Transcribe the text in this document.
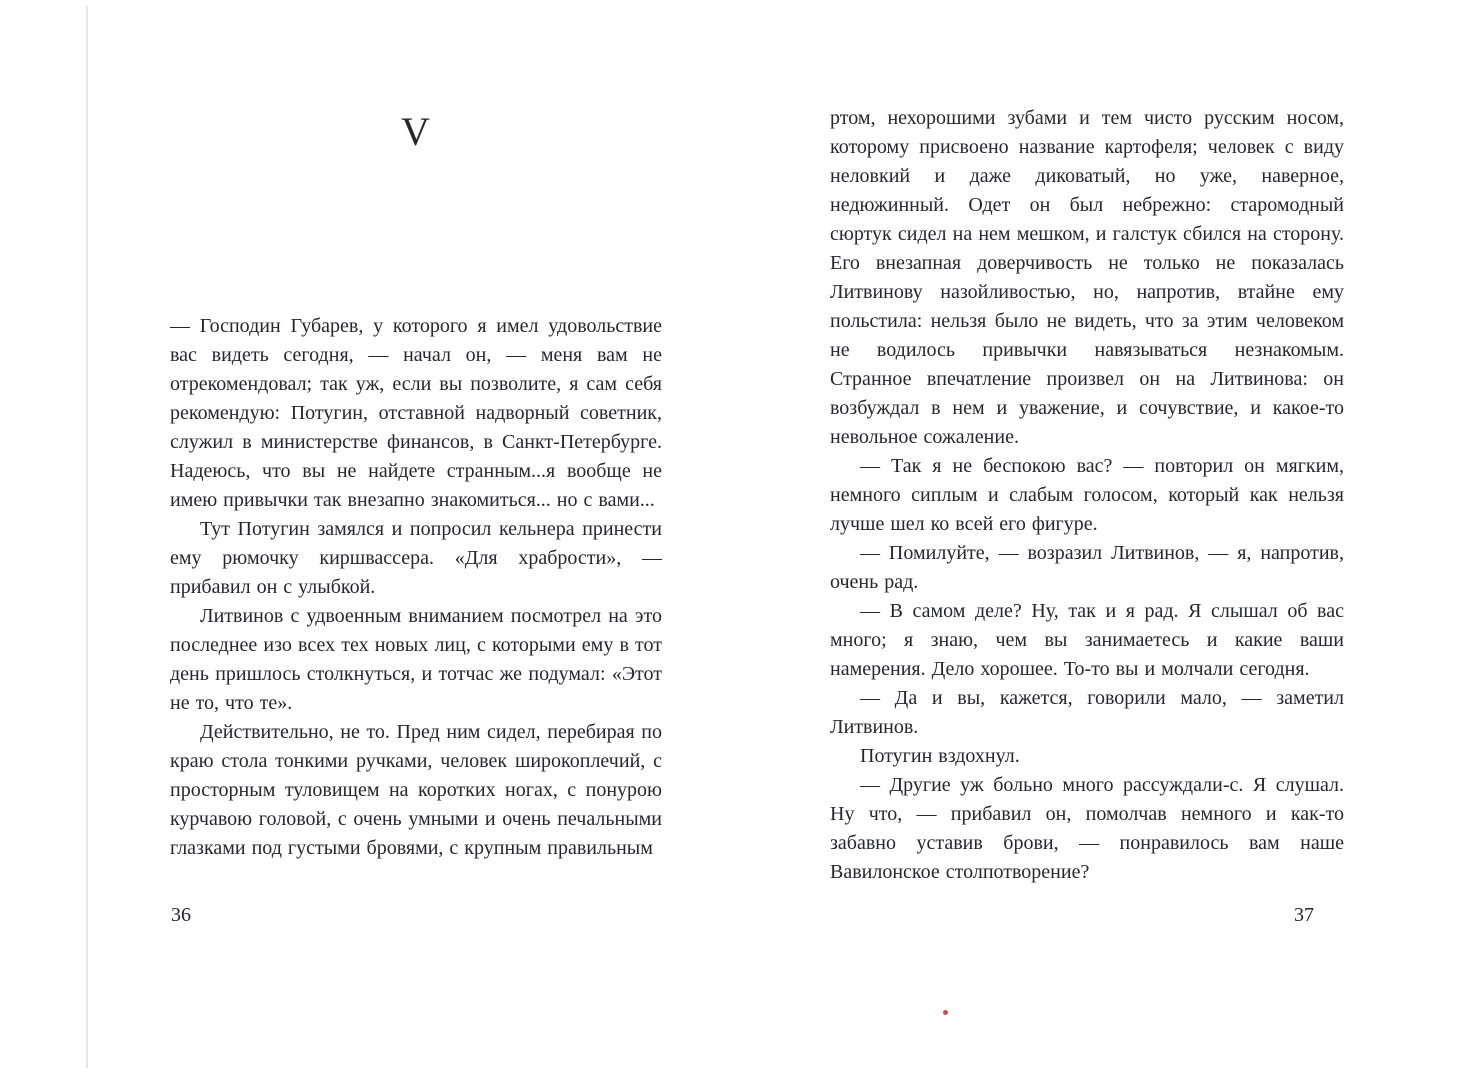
V

— Господин Губарев, у которого я имел удовольствие вас видеть сегодня, — начал он, — меня вам не отрекомендовал; так уж, если вы позволите, я сам себя рекомендую: Потугин, отставной надворный советник, служил в министерстве финансов, в Санкт-Петербурге. Надеюсь, что вы не найдете странным...я вообще не имею привычки так внезапно знакомиться... но с вами...

Тут Потугин замялся и попросил кельнера принести ему рюмочку киршвассера. «Для храбрости», — прибавил он с улыбкой.

Литвинов с удвоенным вниманием посмотрел на это последнее изо всех тех новых лиц, с которыми ему в тот день пришлось столкнуться, и тотчас же подумал: «Этот не то, что те».

Действительно, не то. Пред ним сидел, перебирая по краю стола тонкими ручками, человек широкоплечий, с просторным туловищем на коротких ногах, с понурою курчавою головой, с очень умными и очень печальными глазками под густыми бровями, с крупным правильным

ртом, нехорошими зубами и тем чисто русским носом, которому присвоено название картофеля; человек с виду неловкий и даже диковатый, но уже, наверное, недюжинный. Одет он был небрежно: старомодный сюртук сидел на нем мешком, и галстук сбился на сторону. Его внезапная доверчивость не только не показалась Литвинову назойливостью, но, напротив, втайне ему польстила: нельзя было не видеть, что за этим человеком не водилось привычки навязываться незнакомым. Странное впечатление произвел он на Литвинова: он возбуждал в нем и уважение, и сочувствие, и какое-то невольное сожаление.

— Так я не беспокою вас? — повторил он мягким, немного сиплым и слабым голосом, который как нельзя лучше шел ко всей его фигуре.

— Помилуйте, — возразил Литвинов, — я, напротив, очень рад.

— В самом деле? Ну, так и я рад. Я слышал об вас много; я знаю, чем вы занимаетесь и какие ваши намерения. Дело хорошее. То-то вы и молчали сегодня.

— Да и вы, кажется, говорили мало, — заметил Литвинов.

Потугин вздохнул.

— Другие уж больно много рассуждали-с. Я слушал. Ну что, — прибавил он, помолчав немного и как-то забавно уставив брови, — понравилось вам наше Вавилонское столпотворение?

36	37
